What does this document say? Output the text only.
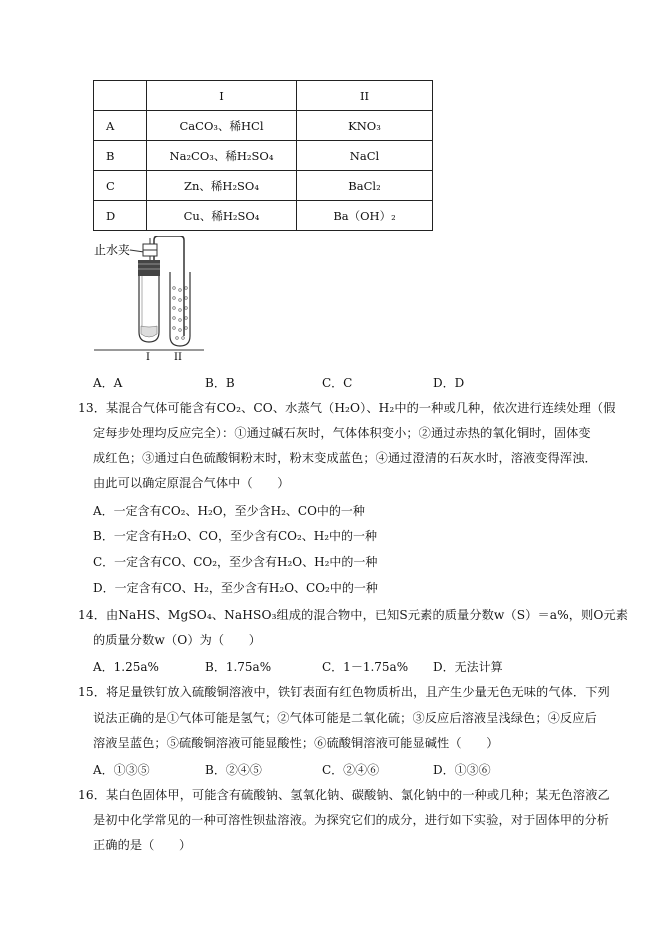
	I	II
A	CaCO₃、稀HCl	KNO₃
B	Na₂CO₃、稀H₂SO₄	NaCl
C	Zn、稀H₂SO₄	BaCl₂
D	Cu、稀H₂SO₄	Ba（OH）₂
止水夹
I II
A．A	B．B	C．C	D．D
13．某混合气体可能含有CO₂、CO、水蒸气（H₂O）、H₂中的一种或几种，依次进行连续处理（假
定每步处理均反应完全）：①通过碱石灰时，气体体积变小；②通过赤热的氧化铜时，固体变
成红色；③通过白色硫酸铜粉末时，粉末变成蓝色；④通过澄清的石灰水时，溶液变得浑浊．
由此可以确定原混合气体中（　　）
A．一定含有CO₂、H₂O，至少含H₂、CO中的一种
B．一定含有H₂O、CO，至少含有CO₂、H₂中的一种
C．一定含有CO、CO₂，至少含有H₂O、H₂中的一种
D．一定含有CO、H₂，至少含有H₂O、CO₂中的一种
14．由NaHS、MgSO₄、NaHSO₃组成的混合物中，已知S元素的质量分数w（S）＝a%，则O元素
的质量分数w（O）为（　　）
A．1.25a%	B．1.75a%	C．1－1.75a% D．无法计算
15．将足量铁钉放入硫酸铜溶液中，铁钉表面有红色物质析出，且产生少量无色无味的气体．下列
说法正确的是①气体可能是氢气；②气体可能是二氧化硫；③反应后溶液呈浅绿色；④反应后
溶液呈蓝色；⑤硫酸铜溶液可能显酸性；⑥硫酸铜溶液可能显碱性（　　）
A．①③⑤	B．②④⑤	C．②④⑥	D．①③⑥
16．某白色固体甲，可能含有硫酸钠、氢氧化钠、碳酸钠、氯化钠中的一种或几种；某无色溶液乙
是初中化学常见的一种可溶性钡盐溶液。为探究它们的成分，进行如下实验，对于固体甲的分析
正确的是（　　）
